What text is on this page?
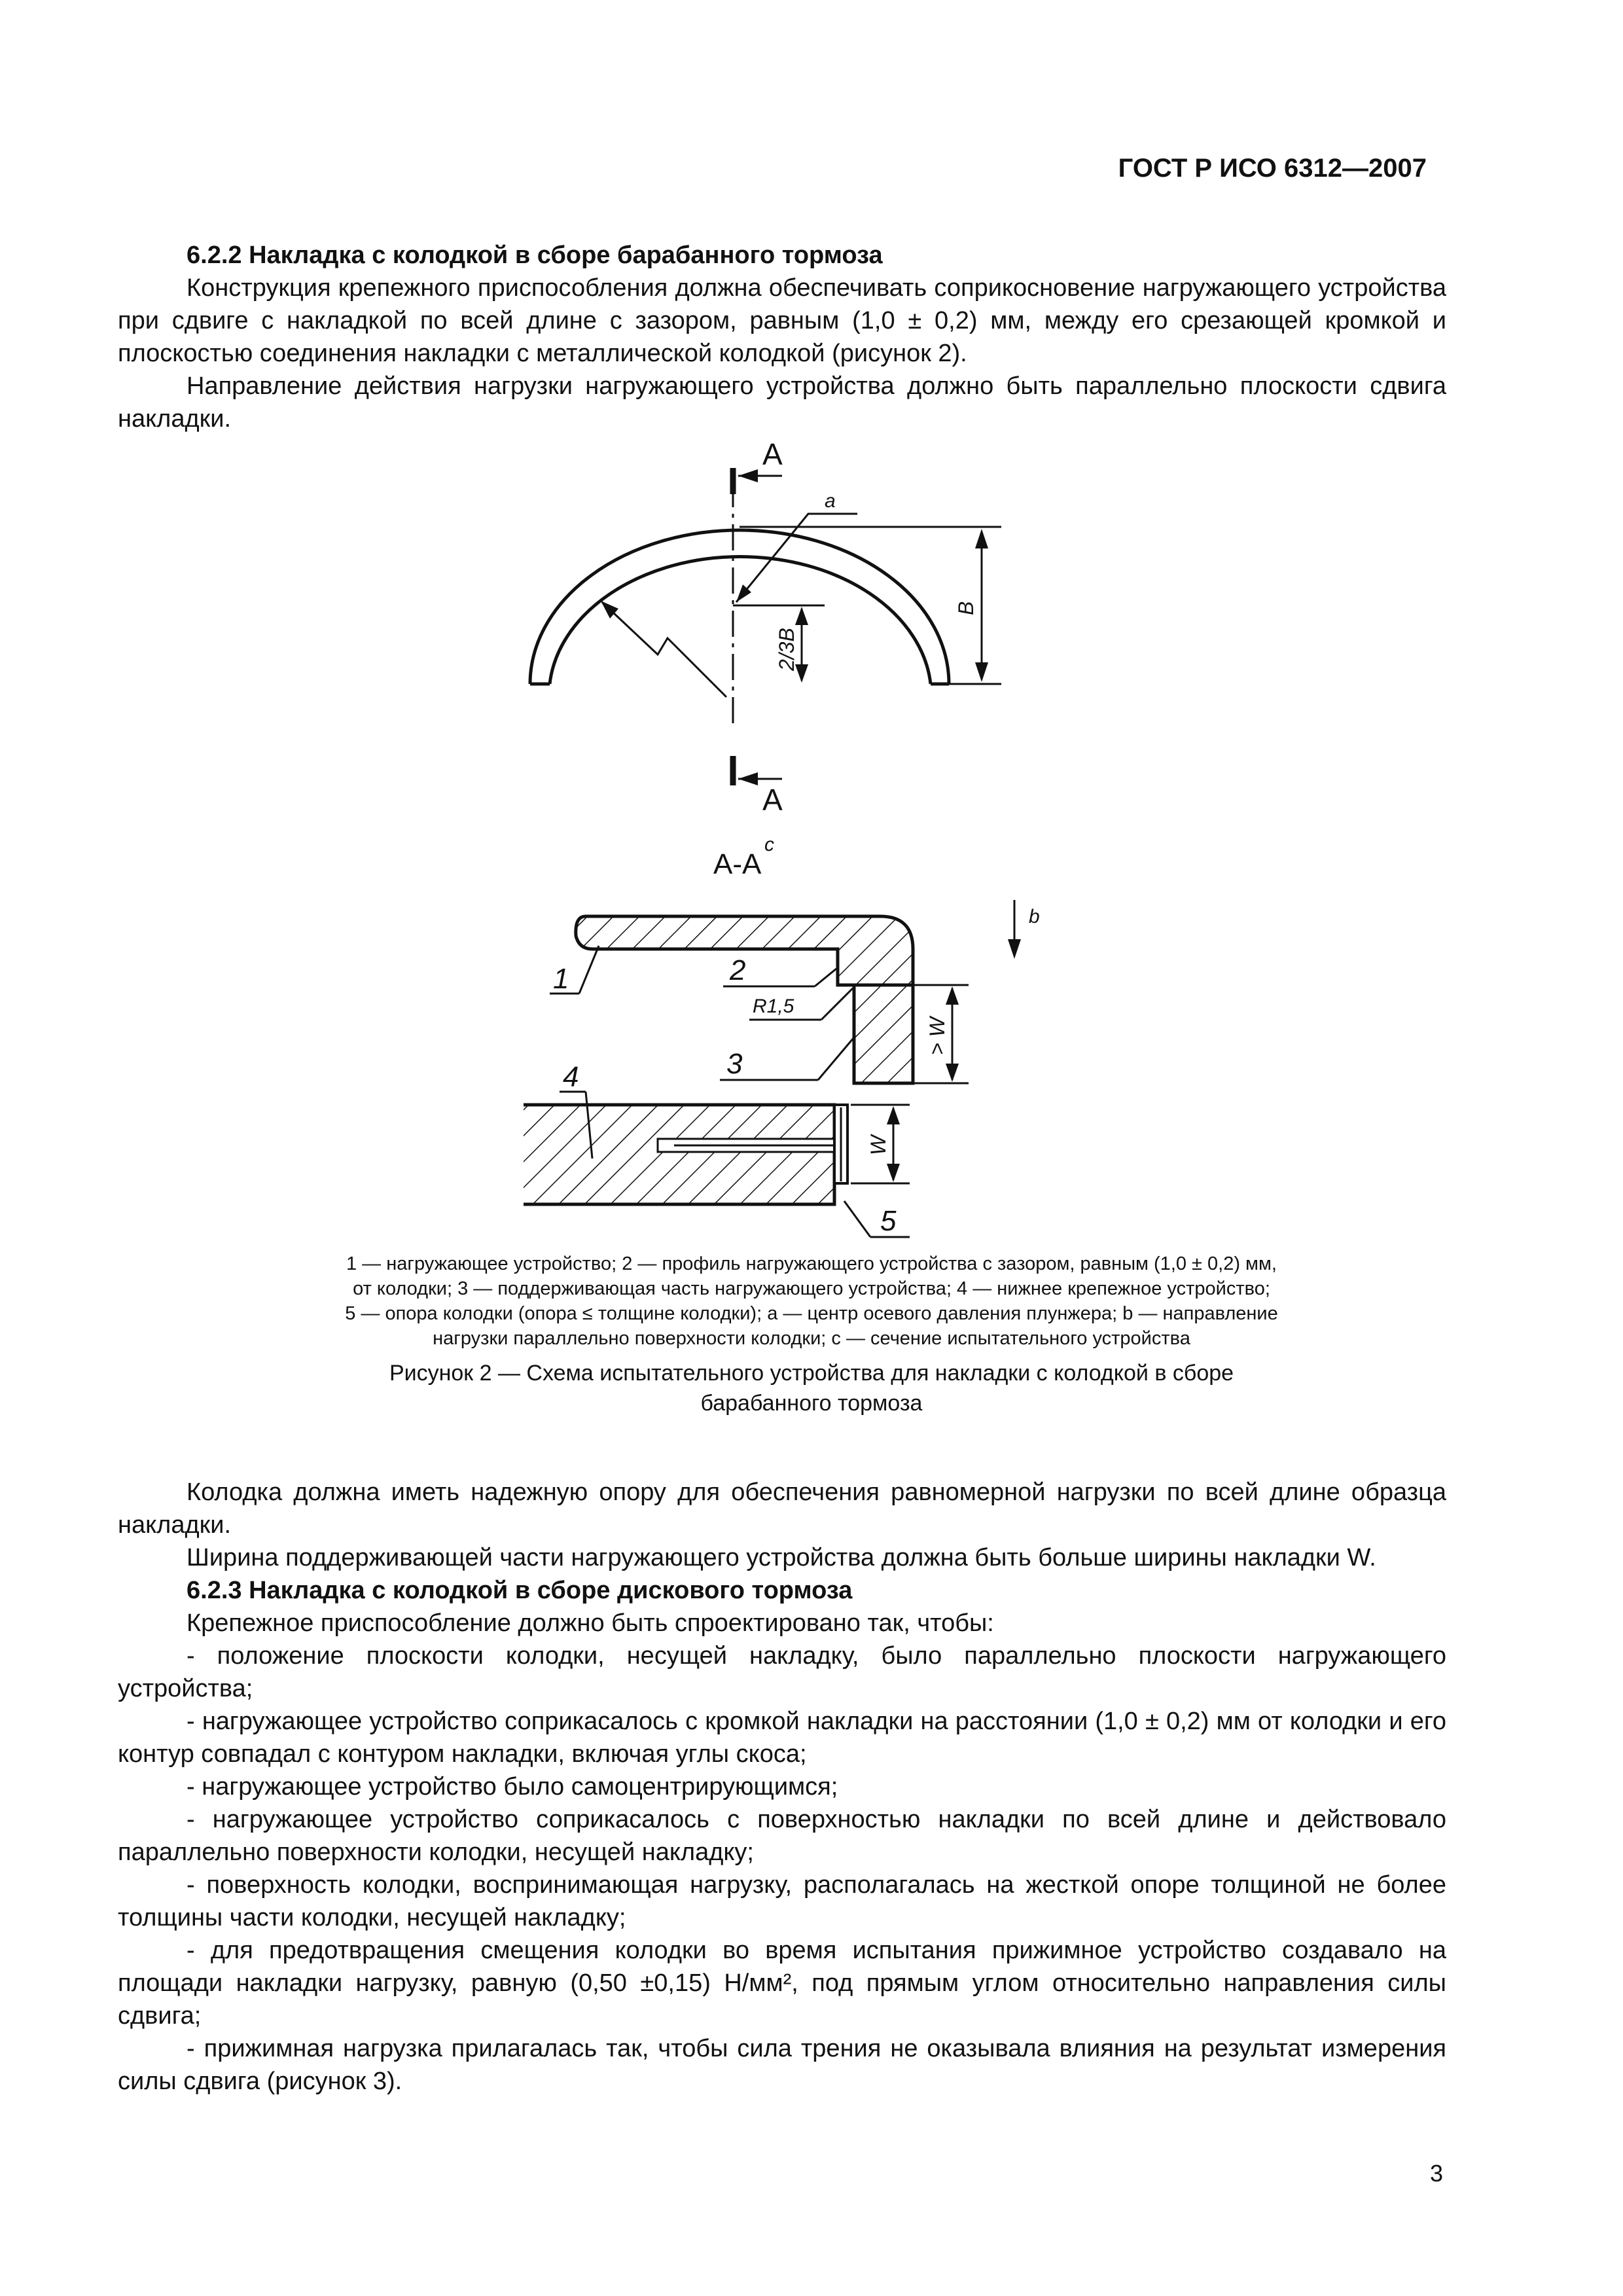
ГОСТ Р ИСО 6312—2007

6.2.2 Накладка с колодкой в сборе барабанного тормоза

Конструкция крепежного приспособления должна обеспечивать соприкосновение нагружающего устройства при сдвиге с накладкой по всей длине с зазором, равным (1,0 ± 0,2) мм, между его срезающей кромкой и плоскостью соединения накладки с металлической колодкой (рисунок 2).

Направление действия нагрузки нагружающего устройства должно быть параллельно плоскости сдвига накладки.

A
A
a
B
2/3B
А-А
c
b
> W
1	2
R1,5
3
4
W
5
1 — нагружающее устройство; 2 — профиль нагружающего устройства с зазором, равным (1,0 ± 0,2) мм,
от колодки; 3 — поддерживающая часть нагружающего устройства; 4 — нижнее крепежное устройство;
5 — опора колодки (опора ≤ толщине колодки); a — центр осевого давления плунжера; b — направление
нагрузки параллельно поверхности колодки; c — сечение испытательного устройства
Рисунок 2 — Схема испытательного устройства для накладки с колодкой в сборе
барабанного тормоза

Колодка должна иметь надежную опору для обеспечения равномерной нагрузки по всей длине образца накладки.

Ширина поддерживающей части нагружающего устройства должна быть больше ширины накладки W.

6.2.3 Накладка с колодкой в сборе дискового тормоза

Крепежное приспособление должно быть спроектировано так, чтобы:

- положение плоскости колодки, несущей накладку, было параллельно плоскости нагружающего устройства;

- нагружающее устройство соприкасалось с кромкой накладки на расстоянии (1,0 ± 0,2) мм от колодки и его контур совпадал с контуром накладки, включая углы скоса;

- нагружающее устройство было самоцентрирующимся;

- нагружающее устройство соприкасалось с поверхностью накладки по всей длине и действовало параллельно поверхности колодки, несущей накладку;

- поверхность колодки, воспринимающая нагрузку, располагалась на жесткой опоре толщиной не более толщины части колодки, несущей накладку;

- для предотвращения смещения колодки во время испытания прижимное устройство создавало на площади накладки нагрузку, равную (0,50 ±0,15) Н/мм², под прямым углом относительно направления силы сдвига;

- прижимная нагрузка прилагалась так, чтобы сила трения не оказывала влияния на результат измерения силы сдвига (рисунок 3).

3
